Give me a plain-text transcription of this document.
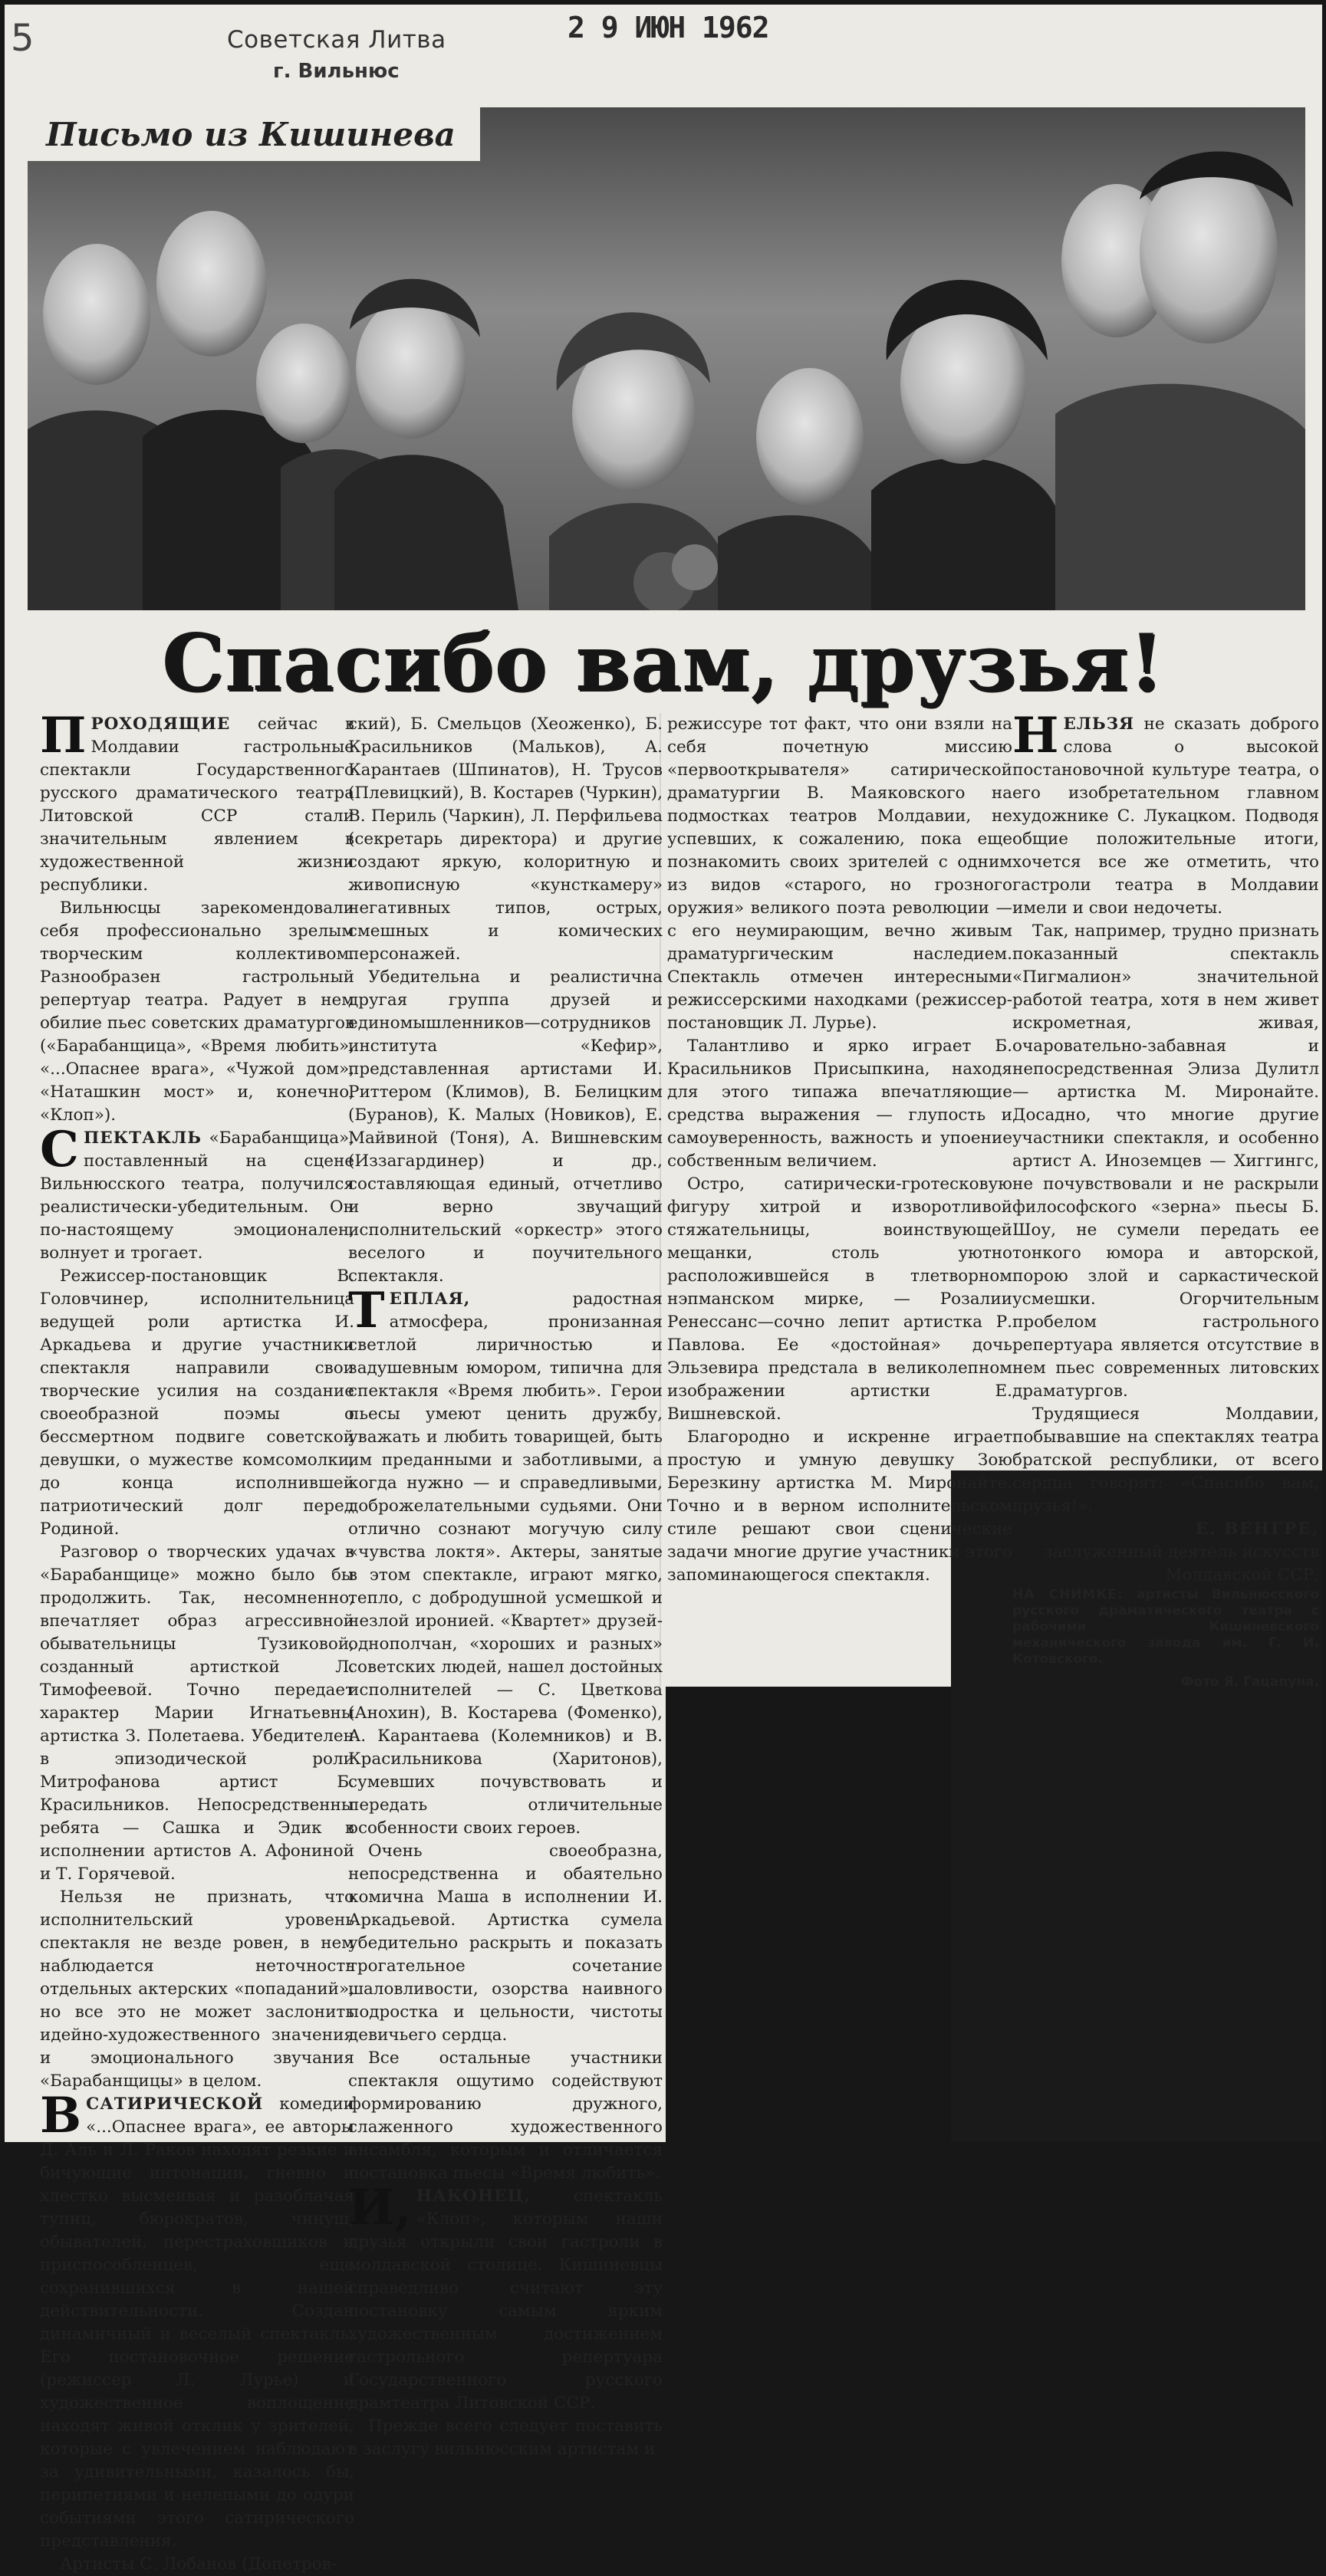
5	Советская Литва
г. Вильнюс
2 9 ИЮН 1962
Письмо из Кишинева
Спасибо вам, друзья!

ПРОХОДЯЩИЕ сейчас в Молдавии гастрольные спектакли Государственного русского драматического театра Литовской ССР стали значительным явлением в художественной жизни республики.

Вильнюсцы зарекомендовали себя профессионально зрелым творческим коллективом. Разнообразен гастрольный репертуар театра. Радует в нем обилие пьес советских драматургов («Барабанщица», «Время любить», «...Опаснее врага», «Чужой дом», «Наташкин мост» и, конечно, «Клоп»).

СПЕКТАКЛЬ «Барабанщица», поставленный на сцене Вильнюсского театра, получился реалистически-убедительным. Он по-настоящему эмоционален, волнует и трогает.

Режиссер-постановщик В. Головчинер, исполнительница ведущей роли артистка И. Аркадьева и другие участники спектакля направили свои творческие усилия на создание своеобразной поэмы о бессмертном подвиге советской девушки, о мужестве комсомолки, до конца исполнившей патриотический долг перед Родиной.

Разговор о творческих удачах в «Барабанщице» можно было бы продолжить. Так, несомненно, впечатляет образ агрессивной обывательницы Тузиковой, созданный артисткой Л. Тимофеевой. Точно передает характер Марии Игнатьевны артистка З. Полетаева. Убедителен в эпизодической роли Митрофанова артист Б. Красильников. Непосредственны ребята — Сашка и Эдик в исполнении артистов А. Афониной и Т. Горячевой.

Нельзя не признать, что исполнительский уровень спектакля не везде ровен, в нем наблюдается неточность отдельных актерских «попаданий», но все это не может заслонить идейно-художественного значения и эмоционального звучания «Барабанщицы» в целом.

ВСАТИРИЧЕСКОЙ комедии «...Опаснее врага», ее авторы Д. Аль и Л. Раков находят резкие и бичующие интонации, гневно и хлестко высмеивая и разоблачая тупиц, бюрократов, чинуш, обывателей, перестраховщиков и приспособленцев, еще сохранившихся в нашей действительности. Создан динамичный и веселый спектакль. Его постановочное решение (режиссер Л. Лурье) и художественное воплощение находят живой отклик у зрителей, которые с увлечением наблюдают за удивительными, казалось бы, перипетиями и нелепыми до одури событиями этого сатирического представления.

Артисты С. Лобанов (Допетров-

ский), Б. Смельцов (Хеоженко), Б. Красильников (Мальков), А. Карантаев (Шпинатов), Н. Трусов (Плевицкий), В. Костарев (Чуркин), В. Периль (Чаркин), Л. Перфильева (секретарь директора) и другие создают яркую, колоритную и живописную «кунсткамеру» негативных типов, острых, смешных и комических персонажей.

Убедительна и реалистична другая группа друзей и единомышленников—сотрудников института «Кефир», представленная артистами И. Риттером (Климов), В. Белицким (Буранов), К. Малых (Новиков), Е. Майвиной (Тоня), А. Вишневским (Иззагардинер) и др., составляющая единый, отчетливо и верно звучащий исполнительский «оркестр» этого веселого и поучительного спектакля.

ТЕПЛАЯ, радостная атмосфера, пронизанная светлой лиричностью и задушевным юмором, типична для спектакля «Время любить». Герои пьесы умеют ценить дружбу, уважать и любить товарищей, быть им преданными и заботливыми, а когда нужно — и справедливыми, доброжелательными судьями. Они отлично сознают могучую силу «чувства локтя». Актеры, занятые в этом спектакле, играют мягко, тепло, с добродушной усмешкой и незлой иронией. «Квартет» друзей-однополчан, «хороших и разных» советских людей, нашел достойных исполнителей — С. Цветкова (Анохин), В. Костарева (Фоменко), А. Карантаева (Колемников) и В. Красильникова (Харитонов), сумевших почувствовать и передать отличительные особенности своих героев.

Очень своеобразна, непосредственна и обаятельно комична Маша в исполнении И. Аркадьевой. Артистка сумела убедительно раскрыть и показать трогательное сочетание шаловливости, озорства наивного подростка и цельности, чистоты девичьего сердца.

Все остальные участники спектакля ощутимо содействуют формированию дружного, слаженного художественного ансамбля, которым и отличается постановка пьесы «Время любить».

И, НАКОНЕЦ, спектакль «Клоп», которым наши друзья открыли свои гастроли в молдавской столице. Кишиневцы справедливо считают эту постановку самым ярким художественным достижением гастрольного репертуара Государственного русского драмтеатра Литовской ССР.

Прежде всего следует поставить в заслугу вильнюсским артистам и

режиссуре тот факт, что они взяли на себя почетную миссию «первооткрывателя» сатирической драматургии В. Маяковского на подмостках театров Молдавии, не успевших, к сожалению, пока еще познакомить своих зрителей с одним из видов «старого, но грозного оружия» великого поэта революции — с его неумирающим, вечно живым драматургическим наследием. Спектакль отмечен интересными режиссерскими находками (режиссер-постановщик Л. Лурье).

Талантливо и ярко играет Б. Красильников Присыпкина, находя для этого типажа впечатляющие средства выражения — глупость и самоуверенность, важность и упоение собственным величием.

Остро, сатирически-гротесковую фигуру хитрой и изворотливой стяжательницы, воинствующей мещанки, столь уютно расположившейся в тлетворном нэпманском мирке, — Розалии Ренессанс—сочно лепит артистка Р. Павлова. Ее «достойная» дочь Эльзевира предстала в великолепном изображении артистки Е. Вишневской.

Благородно и искренне играет простую и умную девушку Зою Березкину артистка М. Миронайте. Точно и в верном исполнительском стиле решают свои сценические задачи многие другие участники этого запоминающегося спектакля.

НЕЛЬЗЯ не сказать доброго слова о высокой постановочной культуре театра, о его изобретательном главном художнике С. Лукацком. Подводя общие положительные итоги, хочется все же отметить, что гастроли театра в Молдавии имели и свои недочеты.

Так, например, трудно признать показанный спектакль «Пигмалион» значительной работой театра, хотя в нем живет искрометная, живая, очаровательно-забавная и непосредственная Элиза Дулитл — артистка М. Миронайте. Досадно, что многие другие участники спектакля, и особенно артист А. Иноземцев — Хиггингс, не почувствовали и не раскрыли философского «зерна» пьесы Б. Шоу, не сумели передать ее тонкого юмора и авторской, порою злой и саркастической усмешки. Огорчительным пробелом гастрольного репертуара является отсутствие в нем пьес современных литовских драматургов.

Трудящиеся Молдавии, побывавшие на спектаклях театра братской республики, от всего сердца говорят: «Спасибо вам, друзья!».

Е. ВЕНГРЕ,
заслуженный деятель искусств Молдавской ССР.
НА СНИМКЕ: артисты Вильнюсского русского драматического театра с рабочими Кишиневского механического завода им. Г. И. Котовского.
Фото Я. Гацапуна.
